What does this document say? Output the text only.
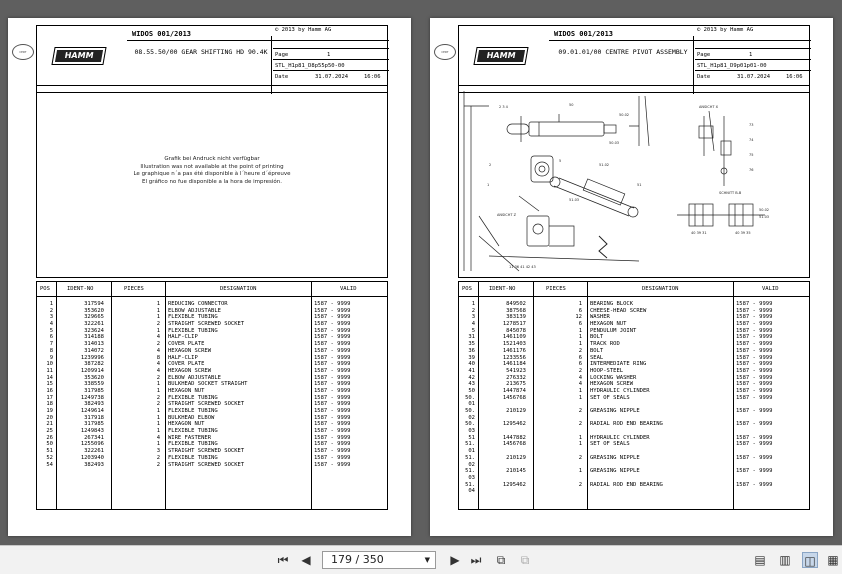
WIDOS 001/2013	© 2013 by Hamm AG
08.55.50/00 GEAR SHIFTING HD 90.4K	Page	1
STL_H1p81_D8p55p50-00
Date	31.07.2024	16:06
CERT	HAMM
Grafik bei Andruck nicht verfügbar
Illustration was not available at the point of printing
Le graphique n´a pas été disponible à l´heure d´épreuve
El gráfico no fue disponible a la hora de impresión.
POS	IDENT-NO	PIECES	DESIGNATION	VALID
1	317594	1 REDUCING CONNECTOR	1587 - 9999
2	353620	1 ELBOW ADJUSTABLE	1587 - 9999
3	329665	1 FLEXIBLE TUBING	1587 - 9999
4	322261	2 STRAIGHT SCREWED SOCKET	1587 - 9999
5	323624	1 FLEXIBLE TUBING	1587 - 9999
6	314188	4 HALF-CLIP	1587 - 9999
7	314013	2 COVER PLATE	1587 - 9999
8	314072	4 HEXAGON SCREW	1587 - 9999
9	1239996	8 HALF-CLIP	1587 - 9999
10	387282	4 COVER PLATE	1587 - 9999
11	1209914	4 HEXAGON SCREW	1587 - 9999
14	353620	2 ELBOW ADJUSTABLE	1587 - 9999
15	338559	1 BULKHEAD SOCKET STRAIGHT	1587 - 9999
16	317985	1 HEXAGON NUT	1587 - 9999
17	1249738	2 FLEXIBLE TUBING	1587 - 9999
18	382493	2 STRAIGHT SCREWED SOCKET	1587 - 9999
19	1249614	1 FLEXIBLE TUBING	1587 - 9999
20	317918	1 BULKHEAD ELBOW	1587 - 9999
21	317985	1 HEXAGON NUT	1587 - 9999
25	1249843	1 FLEXIBLE TUBING	1587 - 9999
26	267341	4 WIRE FASTENER	1587 - 9999
50	1255096	1 FLEXIBLE TUBING	1587 - 9999
51	322261	3 STRAIGHT SCREWED SOCKET	1587 - 9999
52	1203940	2 FLEXIBLE TUBING	1587 - 9999
54	382493	2 STRAIGHT SCREWED SOCKET	1587 - 9999
WIDOS 001/2013	© 2013 by Hamm AG
09.01.01/00 CENTRE PIVOT ASSEMBLY	Page	1
STL_H1p81_D9p01p01-00
Date	31.07.2024	16:06
CERT	HAMM
2 3 4	50
50.02
50.03
2
1
5
51.02
51
51.03
ANSICHT Z
11 36 41 42 43
ANSICHT X
73
74
75
76
SCHNITT B-B
50.02
51.03
40 39 31	40 39 35
POS	IDENT-NO	PIECES	DESIGNATION	VALID
1	849502	1 BEARING BLOCK	1587 - 9999
2	387568	6 CHEESE-HEAD SCREW	1587 - 9999
3	383139	12 WASHER	1587 - 9999
4	1278517	6 HEXAGON NUT	1587 - 9999
5	845078	1 PENDULUM JOINT	1587 - 9999
31	1461109	1 BOLT	1587 - 9999
35	1521403	1 TRACK ROD	1587 - 9999
36	1461176	2 BOLT	1587 - 9999
39	1233556	6 SEAL	1587 - 9999
40	1461184	6 INTERMEDIATE RING	1587 - 9999
41	541923	2 HOOP-STEEL	1587 - 9999
42	276332	4 LOCKING WASHER	1587 - 9999
43	213675	4 HEXAGON SCREW	1587 - 9999
50	1447874	1 HYDRAULIC CYLINDER	1587 - 9999
50.	1456768	1 SET OF SEALS	1587 - 9999
01
50.	210129	2 GREASING NIPPLE	1587 - 9999
02
50.	1295462	2 RADIAL ROD END BEARING	1587 - 9999
03
51	1447882	1 HYDRAULIC CYLINDER	1587 - 9999
51.	1456768	1 SET OF SEALS	1587 - 9999
01
51.	210129	2 GREASING NIPPLE	1587 - 9999
02
51.	210145	1 GREASING NIPPLE	1587 - 9999
03
51.	1295462	2 RADIAL ROD END BEARING	1587 - 9999
04
⏮ ◀	179 / 350	▼ ▶ ⏭	⧉	⧉	▤ ▥ ◫ ▦
